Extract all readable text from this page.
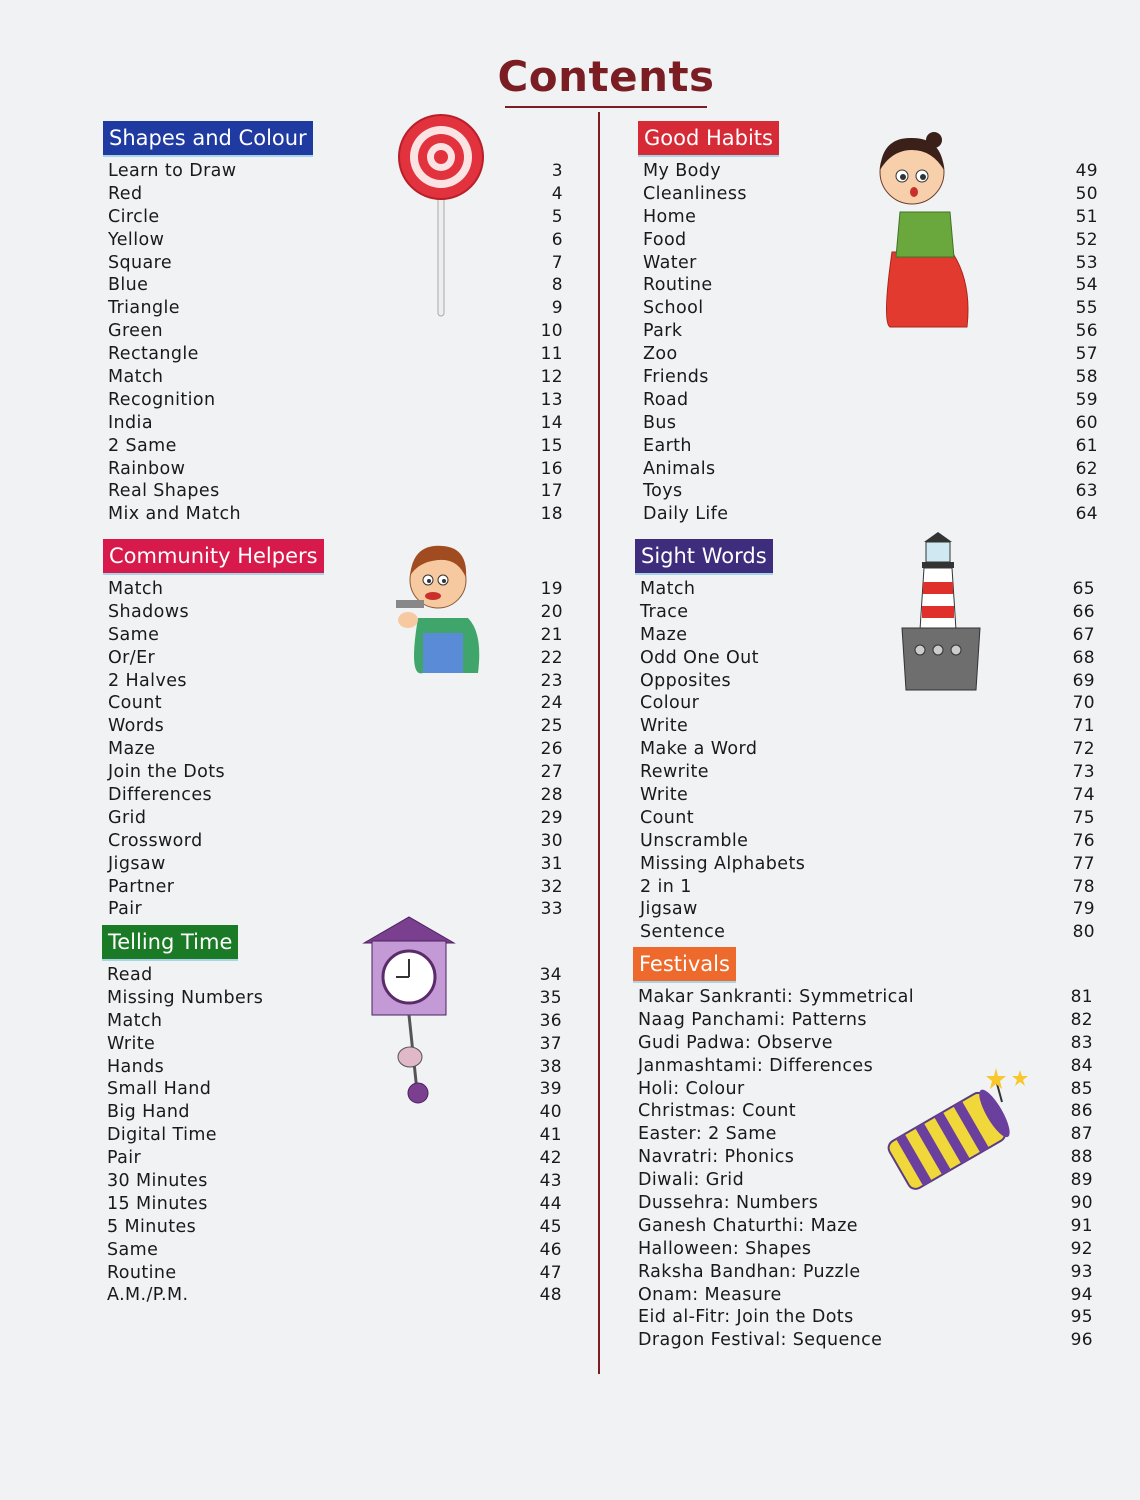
Contents
Shapes and Colour
Learn to Draw	3
Red	4
Circle	5
Yellow	6
Square	7
Blue	8
Triangle	9
Green	10
Rectangle	11
Match	12
Recognition	13
India	14
2 Same	15
Rainbow	16
Real Shapes	17
Mix and Match	18
Community Helpers
Match	19
Shadows	20
Same	21
Or/Er	22
2 Halves	23
Count	24
Words	25
Maze	26
Join the Dots	27
Differences	28
Grid	29
Crossword	30
Jigsaw	31
Partner	32
Pair	33
Telling Time
Read	34
Missing Numbers	35
Match	36
Write	37
Hands	38
Small Hand	39
Big Hand	40
Digital Time	41
Pair	42
30 Minutes	43
15 Minutes	44
5 Minutes	45
Same	46
Routine	47
A.M./P.M.	48
Good Habits
My Body	49
Cleanliness	50
Home	51
Food	52
Water	53
Routine	54
School	55
Park	56
Zoo	57
Friends	58
Road	59
Bus	60
Earth	61
Animals	62
Toys	63
Daily Life	64
Sight Words
Match	65
Trace	66
Maze	67
Odd One Out	68
Opposites	69
Colour	70
Write	71
Make a Word	72
Rewrite	73
Write	74
Count	75
Unscramble	76
Missing Alphabets	77
2 in 1	78
Jigsaw	79
Sentence	80
Festivals
Makar Sankranti: Symmetrical	81
Naag Panchami: Patterns	82
Gudi Padwa: Observe	83
Janmashtami: Differences	84
Holi: Colour	85
Christmas: Count	86
Easter: 2 Same	87
Navratri: Phonics	88
Diwali: Grid	89
Dussehra: Numbers	90
Ganesh Chaturthi: Maze	91
Halloween: Shapes	92
Raksha Bandhan: Puzzle	93
Onam: Measure	94
Eid al-Fitr: Join the Dots	95
Dragon Festival: Sequence	96
